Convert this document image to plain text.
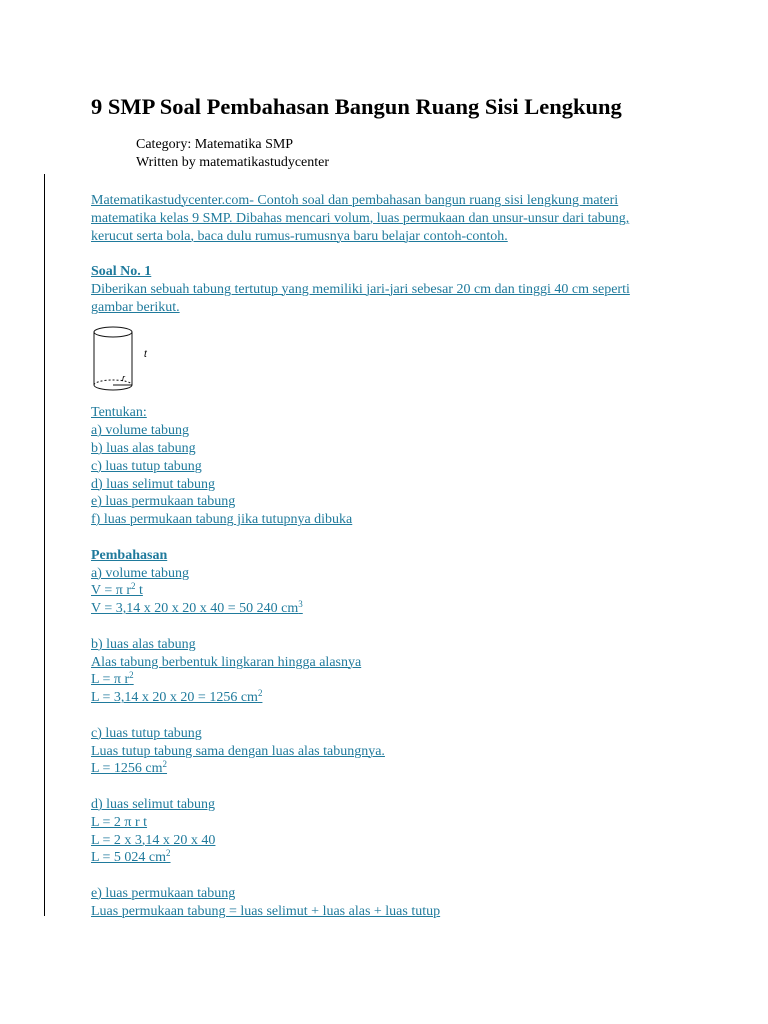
9 SMP Soal Pembahasan Bangun Ruang Sisi Lengkung
Category: Matematika SMP
Written by matematikastudycenter
Matematikastudycenter.com- Contoh soal dan pembahasan bangun ruang sisi lengkung materi
matematika kelas 9 SMP. Dibahas mencari volum, luas permukaan dan unsur-unsur dari tabung,
kerucut serta bola, baca dulu rumus-rumusnya baru belajar contoh-contoh.
Soal No. 1
Diberikan sebuah tabung tertutup yang memiliki jari-jari sebesar 20 cm dan tinggi 40 cm seperti
gambar berikut.
t
r
Tentukan:
a) volume tabung
b) luas alas tabung
c) luas tutup tabung
d) luas selimut tabung
e) luas permukaan tabung
f) luas permukaan tabung jika tutupnya dibuka
Pembahasan
a) volume tabung
V = π $r^2$ t
V = 3,14 x 20 x 20 x 40 = 50 240 $cm^3$
b) luas alas tabung
Alas tabung berbentuk lingkaran hingga alasnya
L = π $r^2$
L = 3,14 x 20 x 20 = 1256 $cm^2$
c) luas tutup tabung
Luas tutup tabung sama dengan luas alas tabungnya.
L = 1256 $cm^2$
d) luas selimut tabung
L = 2 π r t
L = 2 x 3,14 x 20 x 40
L = 5 024 $cm^2$
e) luas permukaan tabung
Luas permukaan tabung = luas selimut + luas alas + luas tutup
